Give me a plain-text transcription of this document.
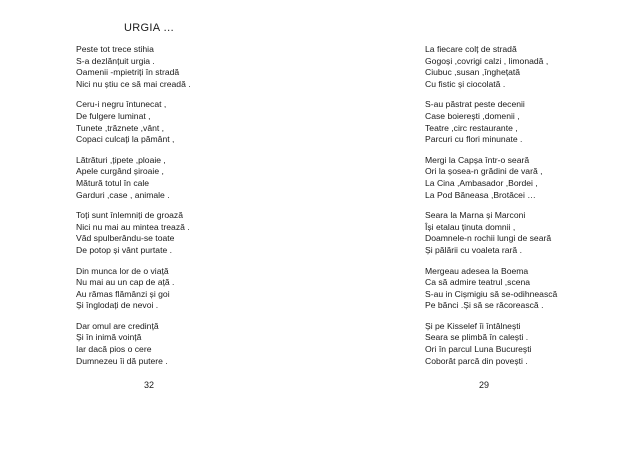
URGIA …
Peste tot trece stihia
S-a dezlănțuit urgia .
Oamenii -mpietriți în stradă
Nici nu știu ce să mai creadă .
Ceru-i negru întunecat ,
De fulgere luminat ,
Tunete ,trăznete ,vânt ,
Copaci culcați la pământ ,
Lătrături ,țipete ,ploaie ,
Apele curgând șiroaie ,
Mătură totul în cale
Garduri ,case , animale .
Toți sunt înlemniți de groază
Nici nu mai au mintea trează .
Văd spulberându-se toate
De potop și vânt purtate .
Din munca lor de o viață
Nu mai au un cap de ață .
Au rămas flămânzi și goi
Și înglodați de nevoi .
Dar omul are credință
Și în inimă voință
Iar dacă pios o cere
Dumnezeu îi dă putere .
32
La fiecare colț de stradă
Gogoși ,covrigi calzi , limonadă ,
Ciubuc ,susan ,înghețată
Cu fistic și ciocolată .
S-au păstrat peste decenii
Case boierești ,domenii ,
Teatre ,circ restaurante ,
Parcuri cu flori minunate .
Mergi la Capșa într-o seară
Ori la șosea-n grădini de vară ,
La Cina ,Ambasador ,Bordei ,
La Pod Băneasa ,Brotăcei …
Seara la Marna și Marconi
Își etalau ținuta domnii ,
Doamnele-n rochii lungi de seară
Și pălării cu voaleta rară .
Mergeau adesea la Boema
Ca să admire teatrul ,scena
S-au in Cișmigiu să se-odihnească
Pe bănci .Și să se răcorească .
Și pe Kisselef îi întâlnești
Seara se plimbă în calești .
Ori în parcul Luna Bucureşti
Coborât parcă din povești .
29
